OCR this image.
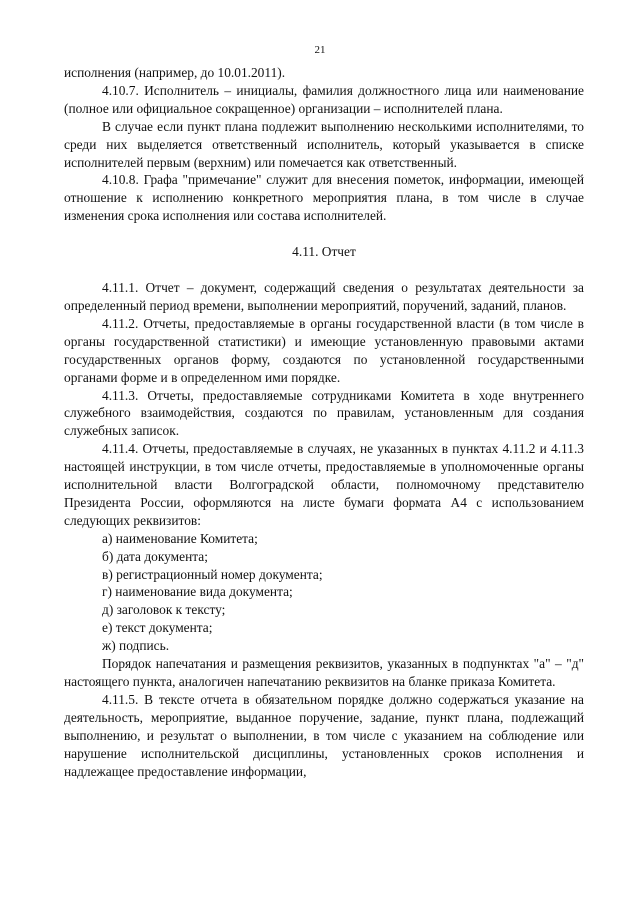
21

исполнения (например, до 10.01.2011).

4.10.7. Исполнитель – инициалы, фамилия должностного лица или наименование (полное или официальное сокращенное) организации – исполнителей плана.

В случае если пункт плана подлежит выполнению несколькими исполнителями, то среди них выделяется ответственный исполнитель, который указывается в списке исполнителей первым (верхним) или помечается как ответственный.

4.10.8. Графа "примечание" служит для внесения пометок, информации, имеющей отношение к исполнению конкретного мероприятия плана, в том числе в случае изменения срока исполнения или состава исполнителей.

4.11. Отчет

4.11.1. Отчет – документ, содержащий сведения о результатах деятельности за определенный период времени, выполнении мероприятий, поручений, заданий, планов.

4.11.2. Отчеты, предоставляемые в органы государственной власти (в том числе в органы государственной статистики) и имеющие установленную правовыми актами государственных органов форму, создаются по установленной государственными органами форме и в определенном ими порядке.

4.11.3. Отчеты, предоставляемые сотрудниками Комитета в ходе внутреннего служебного взаимодействия, создаются по правилам, установленным для создания служебных записок.

4.11.4. Отчеты, предоставляемые в случаях, не указанных в пунктах 4.11.2 и 4.11.3 настоящей инструкции, в том числе отчеты, предоставляемые в уполномоченные органы исполнительной власти Волгоградской области, полномочному представителю Президента России, оформляются на листе бумаги формата А4 с использованием следующих реквизитов:

а) наименование Комитета;
б) дата документа;
в) регистрационный номер документа;
г) наименование вида документа;
д) заголовок к тексту;
е) текст документа;
ж) подпись.

Порядок напечатания и размещения реквизитов, указанных в подпунктах "а" – "д" настоящего пункта, аналогичен напечатанию реквизитов на бланке приказа Комитета.

4.11.5. В тексте отчета в обязательном порядке должно содержаться указание на деятельность, мероприятие, выданное поручение, задание, пункт плана, подлежащий выполнению, и результат о выполнении, в том числе с указанием на соблюдение или нарушение исполнительской дисциплины, установленных сроков исполнения и надлежащее предоставление информации,
